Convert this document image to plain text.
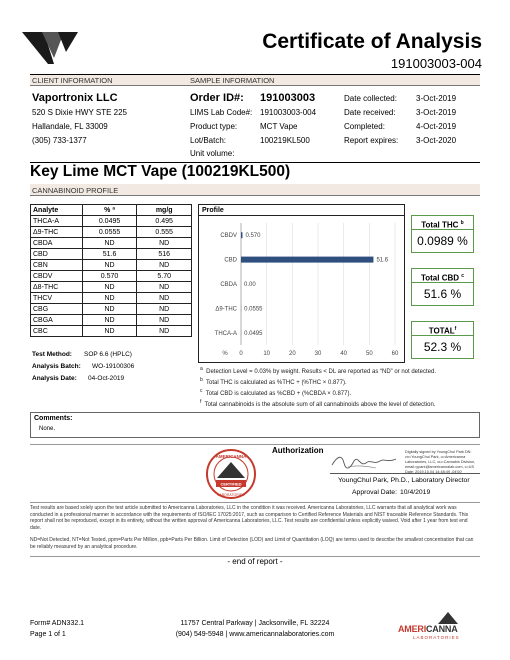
Certificate of Analysis
191003003-004
CLIENT INFORMATION	SAMPLE INFORMATION
Vaportronix LLC
520 S Dixie HWY STE 225
Hallandale, FL 33009
(305) 733-1377
Order ID#: 191003003
LIMS Lab Code#: 191003003-004
Product type:	MCT Vape
Lot/Batch:	100219KL500
Unit volume:
Date collected: 3-Oct-2019
Date received:	3-Oct-2019
Completed:	4-Oct-2019
Report expires: 3-Oct-2020
Key Lime MCT Vape (100219KL500)
CANNABINOID PROFILE
Analyte	% ª	mg/g
THCA-A	0.0495	0.495
Δ9-THC	0.0555	0.555
CBDA	ND	ND
CBD	51.6	516
CBN	ND	ND
CBDV	0.570	5.70
Δ8-THC	ND	ND
THCV	ND	ND
CBG	ND	ND
CBGA	ND	ND
CBC	ND	ND
Test Method: SOP 6.6 (HPLC)
Analysis Batch: WO-19100306
Analysis Date: 04-Oct-2019
Profile
0	10	20	30	40	50	60
%
CBDV 0.570
CBD	51.6
CBDA 0.00
Δ9-THC 0.0555
THCA-A 0.0495
Total THC $^b$
0.0989 %
Total CBD $^c$
51.6 %
TOTAL$^f$
52.3 %
$^a$ Detection Level = 0.03% by weight. Results < DL are reported as “ND” or not detected.
$^b$ Total THC is calculated as %THC + (%THC × 0.877).
$^c$ Total CBD is calculated as %CBD + (%CBDA × 0.877).
$^f$ Total cannabinoids is the absolute sum of all cannabinoids above the level of detection.
Comments:
None.
Authorization
AMERICANNA
LABORATORIES
CERTIFIED
Digitally signed by YoungChul Park DN: cn=YoungChul Park, o=Americanna Laboratories, LLC, ou=Cannabis Division, email=ypark@americannalab.com, c=US Date: 2019.10.04 14:48:49 -04'00'
YoungChul Park, Ph.D., Laboratory Director
Approval Date: 10/4/2019
Test results are based solely upon the test article submitted to Americanna Laboratories, LLC in the condition it was received. Americanna Laboratories, LLC warrants that all analytical work was conducted in a professional manner in accordance with the requirements of ISO/IEC 17025:2017, such as comparison to Certified Reference Materials and NIST traceable Reference Standards. This report shall not be reproduced, except in its entirety, without the written approval of Americanna Laboratories, LLC. Test results are confidential unless explicitly waived. Void after 1 year from test end date.
ND=Not Detected, NT=Not Tested, ppm=Parts Per Million, ppb=Parts Per Billion. Limit of Detection (LOD) and Limit of Quantitation (LOQ) are terms used to describe the smallest concentration that can be reliably measured by an analytical procedure.
- end of report -
Form# ADN332.1
Page 1 of 1
11757 Central Parkway | Jacksonville, FL 32224
(904) 549-5948 | www.americannalaboratories.com
AMERICANNA
LABORATORIES
